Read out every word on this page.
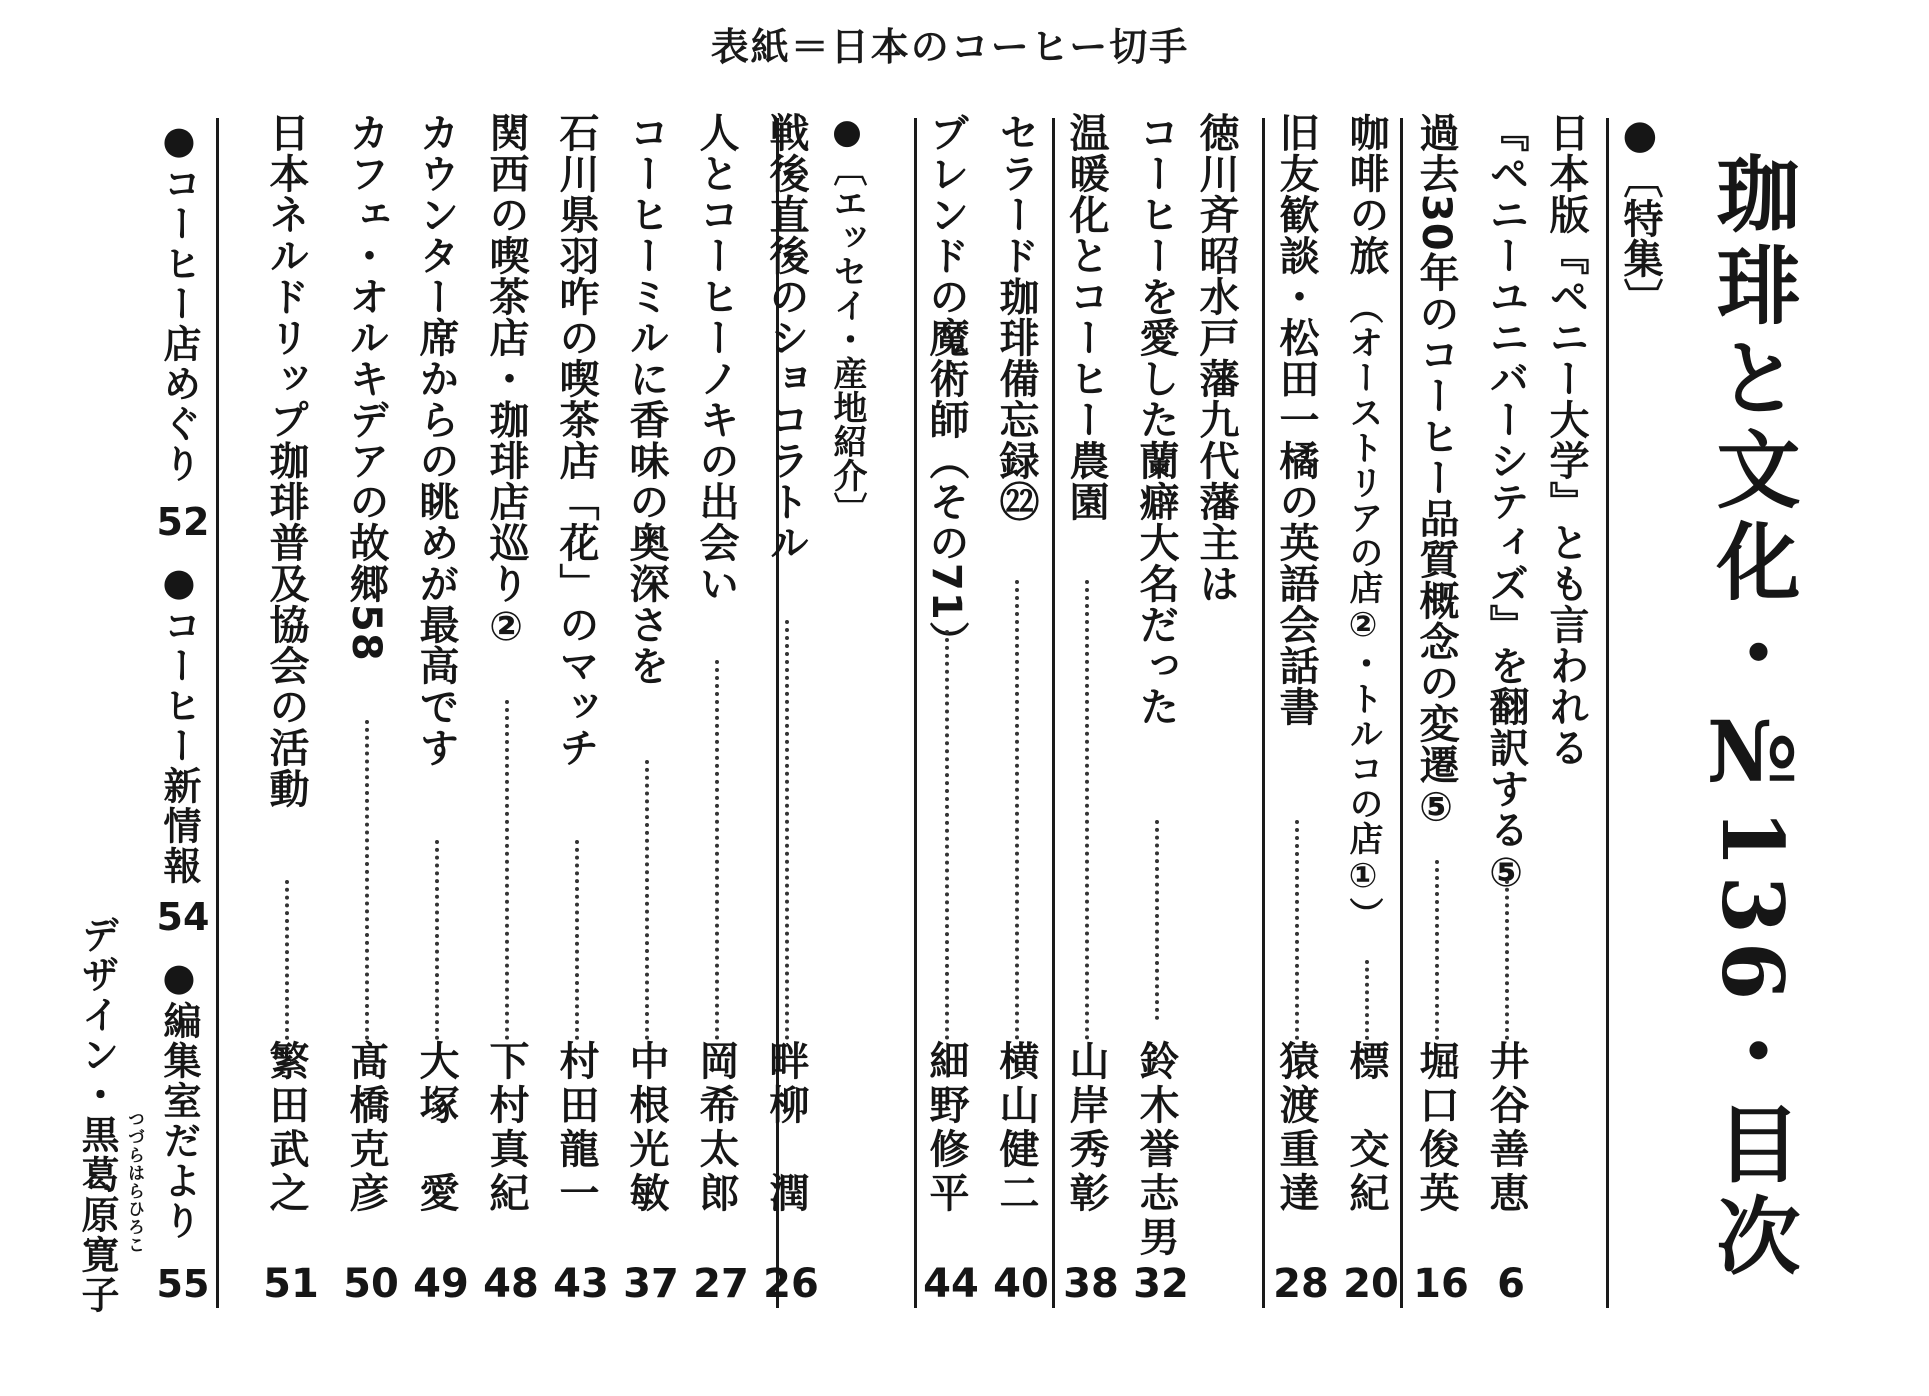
表紙＝日本のコーヒー切手
珈琲と文化・№136・目次
●〔特集〕
日本版『ペニー大学』とも言われる
『ペニーユニバーシティズ』を翻訳する⑤
井谷善恵
6
過去30年のコーヒー品質概念の変遷⑤
堀口俊英
16
咖啡の旅
（オーストリアの店②・トルコの店①）
標　交紀
20
旧友歓談・松田一橘の英語会話書
猿渡重達
28
徳川斉昭水戸藩九代藩主は
コーヒーを愛した蘭癖大名だった
鈴木誉志男
32
温暖化とコーヒー農園
山岸秀彰
38
セラード珈琲備忘録㉒
横山健二
40
ブレンドの魔術師（その71）
細野修平
44
●〔エッセイ・産地紹介〕
戦後直後のショコラトル
畔柳　潤
26
人とコーヒーノキの出会い
岡希太郎
27
コーヒーミルに香味の奥深さを
中根光敏
37
石川県羽咋の喫茶店「花」のマッチ
村田龍一
43
関西の喫茶店・珈琲店巡り②
下村真紀
48
カウンター席からの眺めが最高です
大塚　愛
49
カフェ・オルキデアの故郷58
髙橋克彦
50
日本ネルドリップ珈琲普及協会の活動
繁田武之
51
●コーヒー店めぐり
52
●コーヒー新情報
54
●編集室だより
55
デザイン・黒葛原寛子 つづらはらひろこ
